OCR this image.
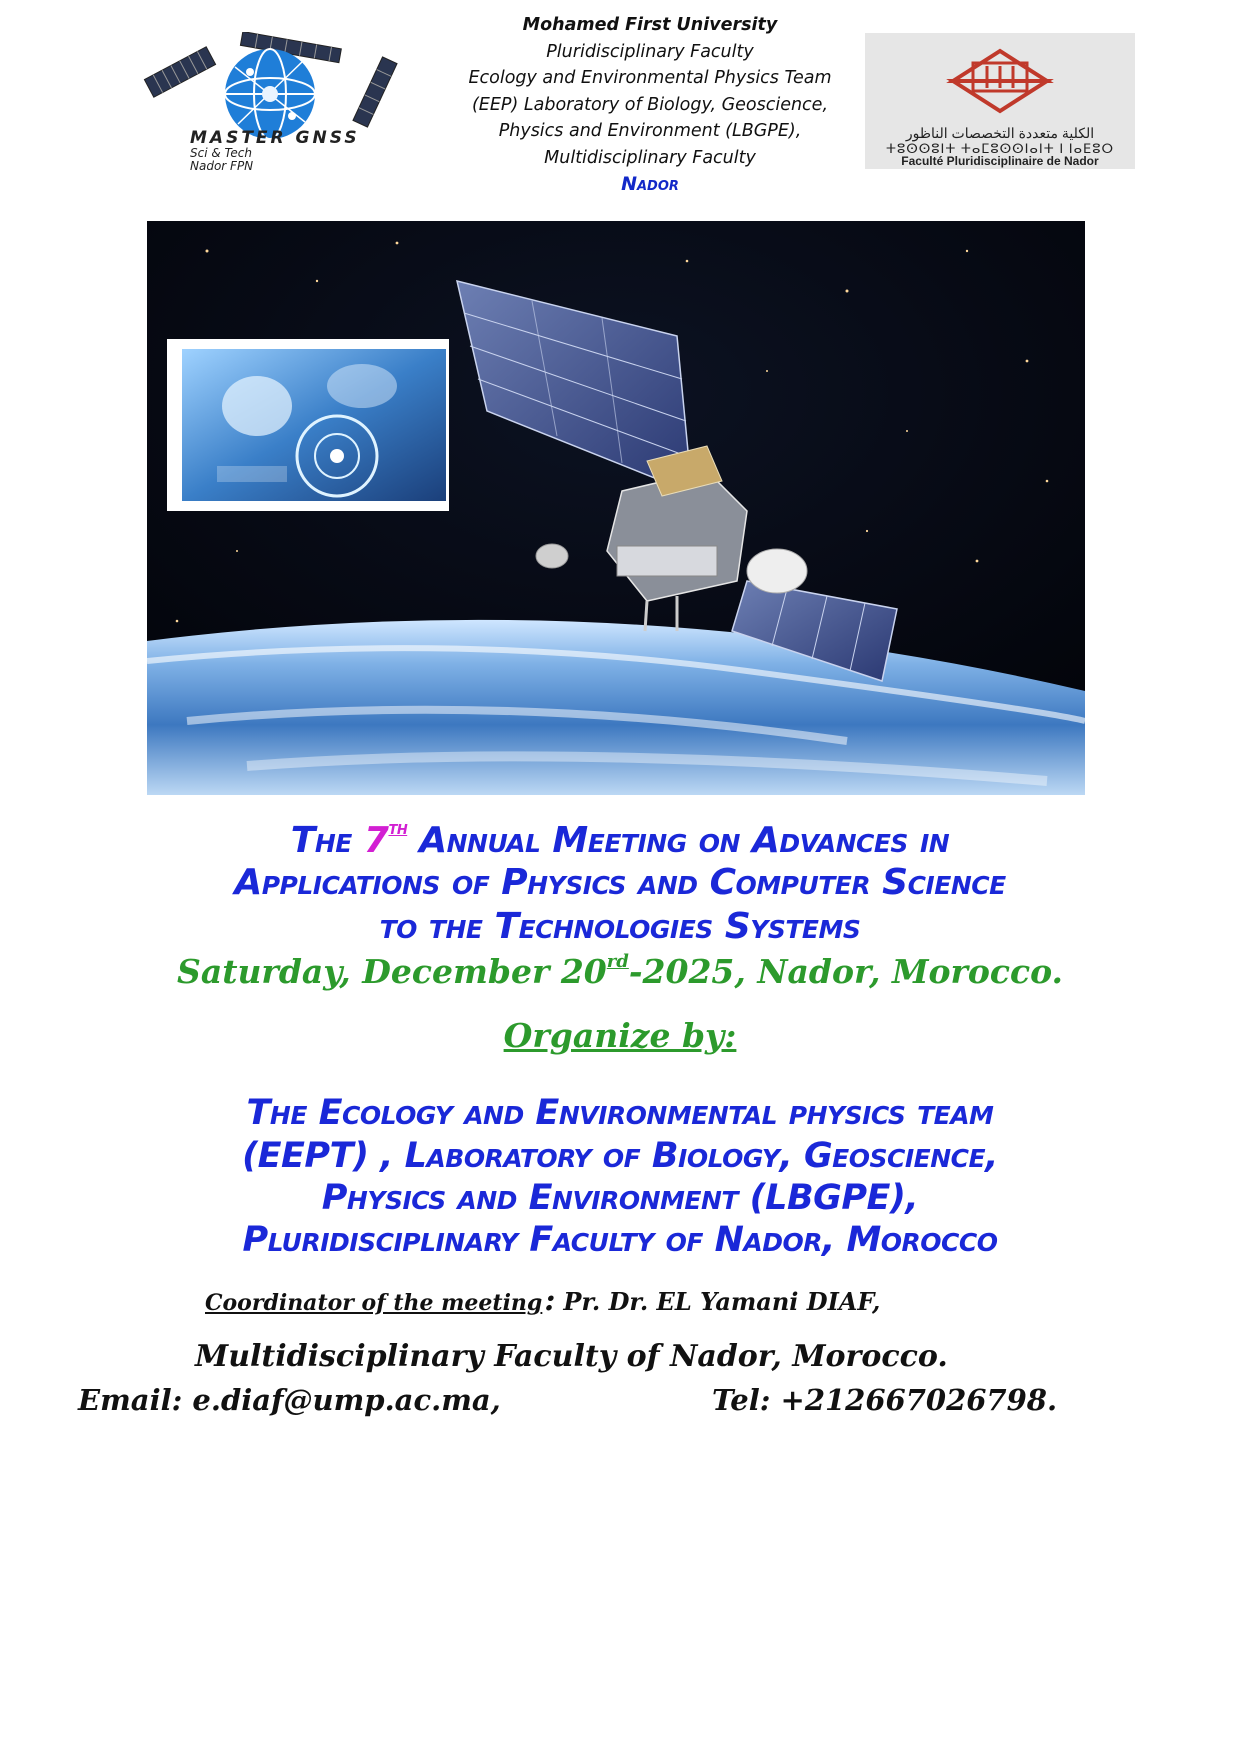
MASTER GNSS
Sci & Tech
Nador FPN
Mohamed First University
Pluridisciplinary Faculty
Ecology and Environmental Physics Team
(EEP) Laboratory of Biology, Geoscience,
Physics and Environment (LBGPE),
Multidisciplinary Faculty
Nador
الكلية متعددة التخصصات الناظور
ⵜⵓⵙⵙⵓⵏⵜ ⵜⴰⵎⵓⵙⵙⵏⴰⵏⵜ ⵏ ⵏⴰⴹⵓⵔ
Faculté Pluridisciplinaire de Nador
The 7th Annual Meeting on Advances in
Applications of Physics and Computer Science
to the Technologies Systems
Saturday, December 20rd-2025, Nador, Morocco.
Organize by:
The Ecology and Environmental physics team
(EEPT) , Laboratory of Biology, Geoscience,
Physics and Environment (LBGPE),
Pluridisciplinary Faculty of Nador, Morocco
Coordinator of the meeting: Pr. Dr. EL Yamani DIAF,
Multidisciplinary Faculty of Nador, Morocco.
Email: e.diaf@ump.ac.ma,	Tel: +212667026798.
